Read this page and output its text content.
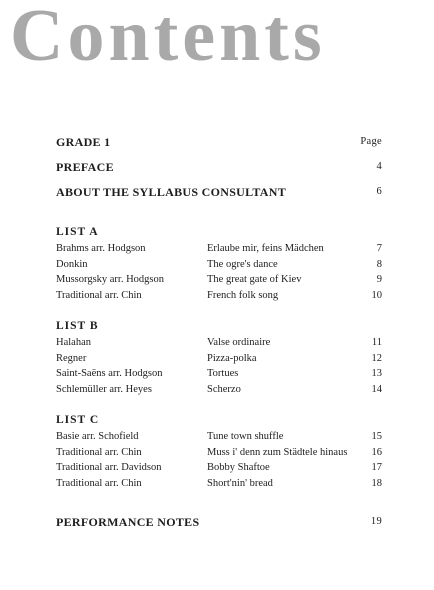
Contents
GRADE 1	Page
PREFACE	4
ABOUT THE SYLLABUS CONSULTANT	6
LIST A
Brahms arr. Hodgson	Erlaube mir, feins Mädchen	7
Donkin	The ogre's dance	8
Mussorgsky arr. Hodgson	The great gate of Kiev	9
Traditional arr. Chin	French folk song	10
LIST B
Halahan	Valse ordinaire	11
Regner	Pizza-polka	12
Saint-Saëns arr. Hodgson	Tortues	13
Schlemüller arr. Heyes	Scherzo	14
LIST C
Basie arr. Schofield	Tune town shuffle	15
Traditional arr. Chin	Muss i' denn zum Städtele hinaus 16
Traditional arr. Davidson	Bobby Shaftoe	17
Traditional arr. Chin	Short'nin' bread	18
PERFORMANCE NOTES	19
